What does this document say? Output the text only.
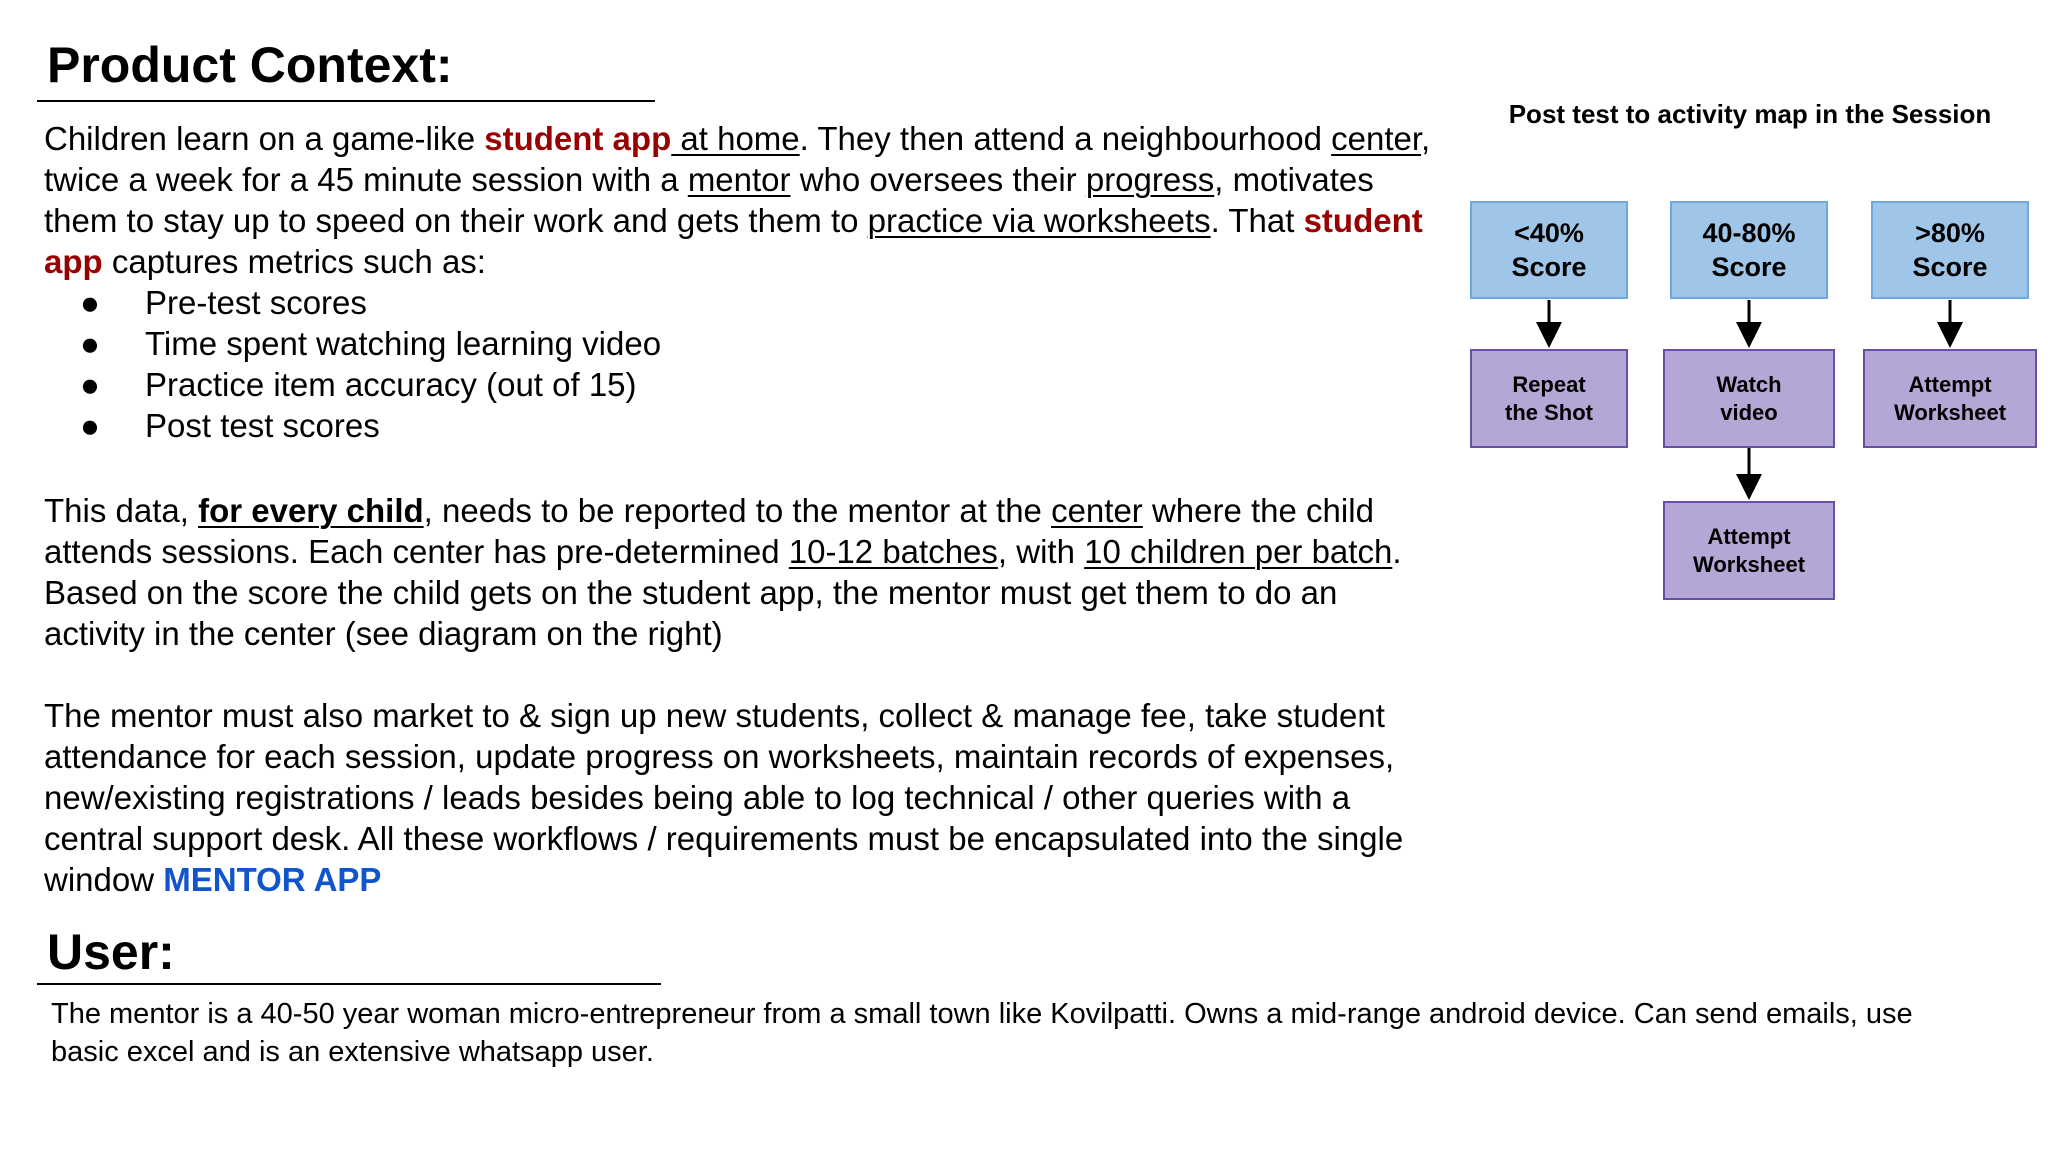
Product Context:

Children learn on a game-like student app at home. They then attend a neighbourhood center, twice a week for a 45 minute session with a mentor who oversees their progress, motivates them to stay up to speed on their work and gets them to practice via worksheets. That student app captures metrics such as:

● Pre-test scores
● Time spent watching learning video
● Practice item accuracy (out of 15)
● Post test scores

This data, for every child, needs to be reported to the mentor at the center where the child attends sessions. Each center has pre-determined 10-12 batches, with 10 children per batch. Based on the score the child gets on the student app, the mentor must get them to do an activity in the center (see diagram on the right)

The mentor must also market to & sign up new students, collect & manage fee, take student attendance for each session, update progress on worksheets, maintain records of expenses, new/existing registrations / leads besides being able to log technical / other queries with a central support desk. All these workflows / requirements must be encapsulated into the single window MENTOR APP

User:
The mentor is a 40-50 year woman micro-entrepreneur from a small town like Kovilpatti. Owns a mid-range android device. Can send emails, use basic excel and is an extensive whatsapp user.
Post test to activity map in the Session
<40%
Score
40-80%
Score
>80%
Score
Repeat
the Shot
Watch
video
Attempt
Worksheet
Attempt
Worksheet
